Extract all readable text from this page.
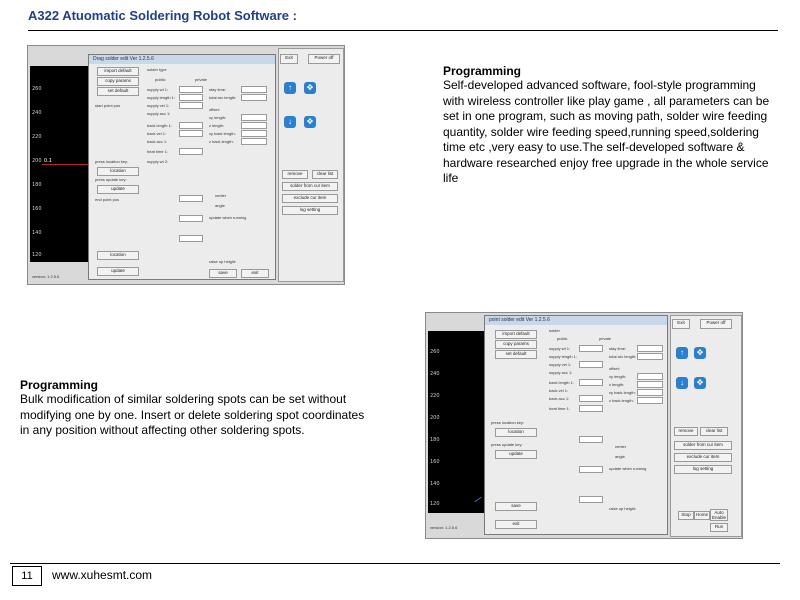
A322 Atuomatic Soldering Robot Software :
260
240
220
200
180
160
140
120
0.1
version: 1.2.5.6
Exit	Power off
↑	✥
↓	✥
solder from cur item
exclude cur item
log setting
remove	clear list
Drag solder edit Ver 1.2.5.6
import default
copy params
set default
start point pos
press location key:
location
press update key:
update
end point pos
location
update
solder type
public	private
supply wt 1:
supply length 1:
supply vel 1:
supply acc 1:
back length 1:
back vel 1:
back acc 1:
heat time 1:
supply wt 2:
stay time:
total arc length:
offset:
xy length:
z length:
xy back length:
z back length:
center
angle
update when running
raise up height:
save	exit
Programming
Self-developed advanced software, fool-style programming with wireless controller like play game , all parameters can be set in one program, such as moving path, solder wire feeding quantity, solder wire feeding speed,running speed,soldering time etc ,very easy to use.The self-developed software & hardware researched enjoy free upgrade in the whole service life
Programming
Bulk modification of similar soldering spots can be set without modifying one by one. Insert or delete soldering spot coordinates in any position without affecting other soldering spots.
260
240
220
200
180
160
140
120
version: 1.2.5.6
Exit	Power off
↑	✥
↓	✥
remove	clear list
solder from cur item
exclude cur item
log setting
Stop	Home	Auto Enable
Run
point solder edit Ver 1.2.5.6
import default
copy params
set default
press location key:
location
press update key:
update
save
exit
solder
public	private
supply wt 1:
supply length 1:
supply vel 1:
supply acc 1:
back length 1:
back vel 1:
back acc 1:
heat time 1:
stay time:
total arc length:
offset:
xy length:
z length:
xy back length:
z back length:
center
angle
update when running
raise up height:
11	www.xuhesmt.com
